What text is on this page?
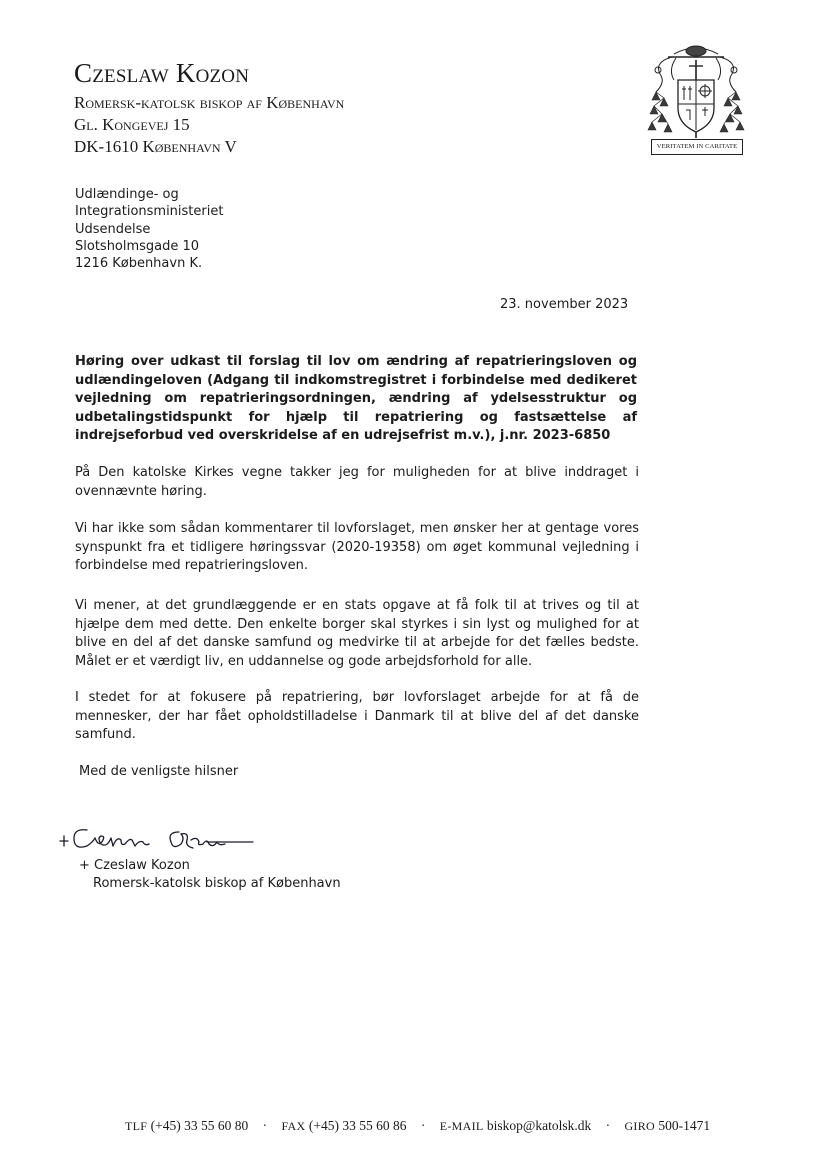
Czeslaw Kozon
Romersk-katolsk biskop af København
Gl. Kongevej 15
DK-1610 København V	VERITATEM IN CARITATE
Udlændinge- og
Integrationsministeriet
Udsendelse
Slotsholmsgade 10
1216 København K.
23. november 2023
Høring over udkast til forslag til lov om ændring af repatrieringsloven og udlændingeloven (Adgang til indkomstregistret i forbindelse med dedikeret vejledning om repatrieringsordningen, ændring af ydelsesstruktur og udbetalingstidspunkt for hjælp til repatriering og fastsættelse af indrejseforbud ved overskridelse af en udrejsefrist m.v.), j.nr. 2023-6850
På Den katolske Kirkes vegne takker jeg for muligheden for at blive inddraget i ovennævnte høring.
Vi har ikke som sådan kommentarer til lovforslaget, men ønsker her at gentage vores synspunkt fra et tidligere høringssvar (2020-19358) om øget kommunal vejledning i forbindelse med repatrieringsloven.
Vi mener, at det grundlæggende er en stats opgave at få folk til at trives og til at hjælpe dem med dette. Den enkelte borger skal styrkes i sin lyst og mulighed for at blive en del af det danske samfund og medvirke til at arbejde for det fælles bedste. Målet er et værdigt liv, en uddannelse og gode arbejdsforhold for alle.
I stedet for at fokusere på repatriering, bør lovforslaget arbejde for at få de mennesker, der har fået opholdstilladelse i Danmark til at blive del af det danske samfund.
Med de venligste hilsner
+ Czeslaw Kozon
Romersk-katolsk biskop af København
TLF (+45) 33 55 60 80 · FAX (+45) 33 55 60 86 · E-MAIL biskop@katolsk.dk · GIRO 500-1471
